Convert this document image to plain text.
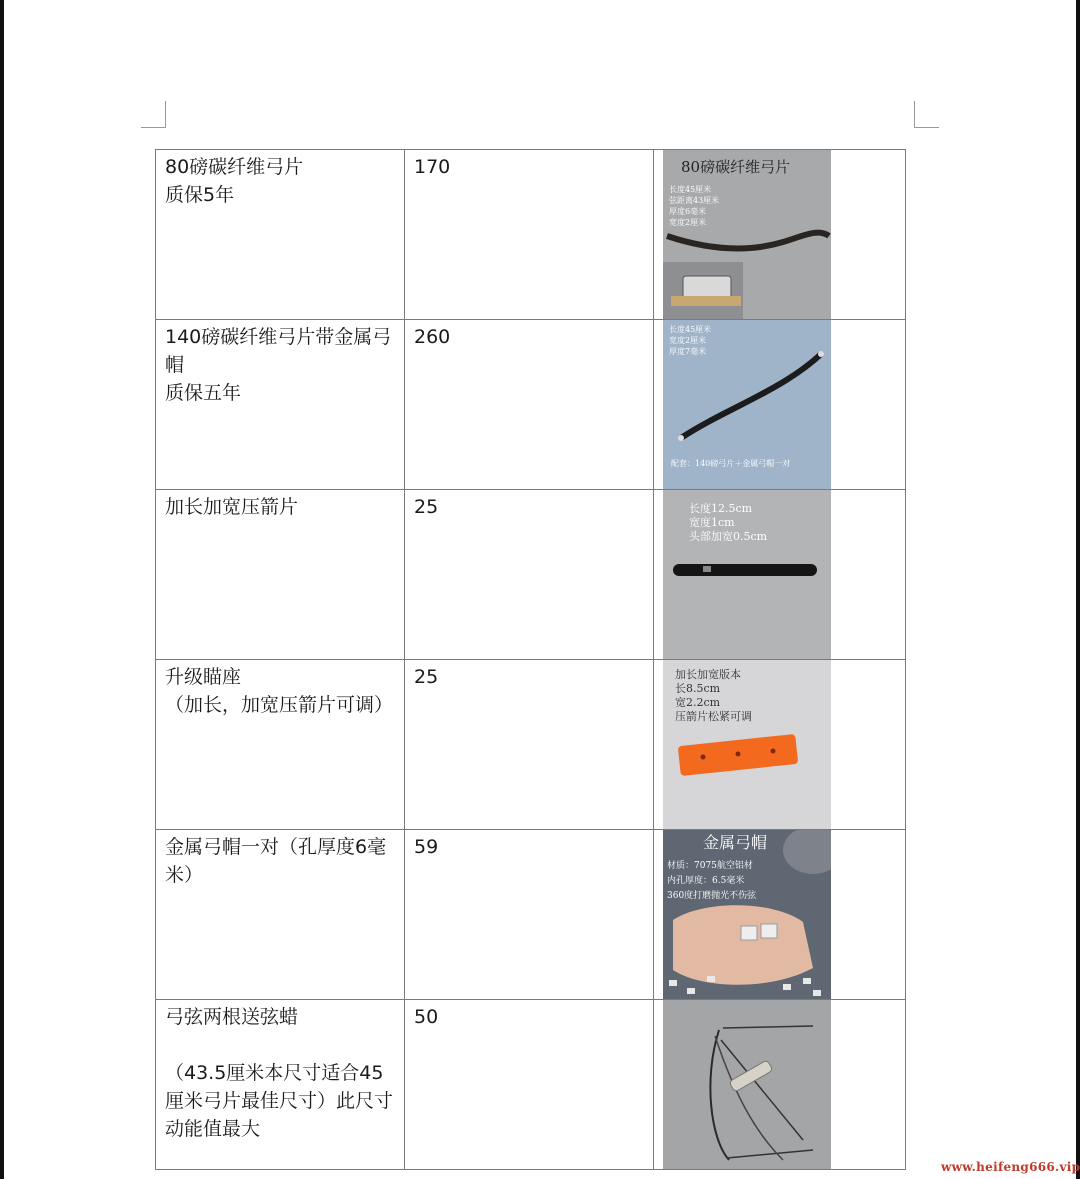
80磅碳纤维弓片
质保5年	170	80磅碳纤维弓片
长度45厘米
弦距离43厘米
厚度6毫米
宽度2厘米

140磅碳纤维弓片带金属弓帽
质保五年	260	长度45厘米
宽度2厘米
厚度7毫米
配套：140磅弓片＋金属弓帽一对

加长加宽压箭片	25	长度12.5cm
宽度1cm
头部加宽0.5cm

升级瞄座
（加长，加宽压箭片可调）	25	加长加宽版本
长8.5cm
宽2.2cm
压箭片松紧可调

金属弓帽一对（孔厚度6毫米）	59	金属弓帽
材质：7075航空铝材
内孔厚度：6.5毫米
360度打磨抛光不伤弦

弓弦两根送弦蜡

（43.5厘米本尺寸适合45厘米弓片最佳尺寸）此尺寸动能值最大	50

www.heifeng666.vip
